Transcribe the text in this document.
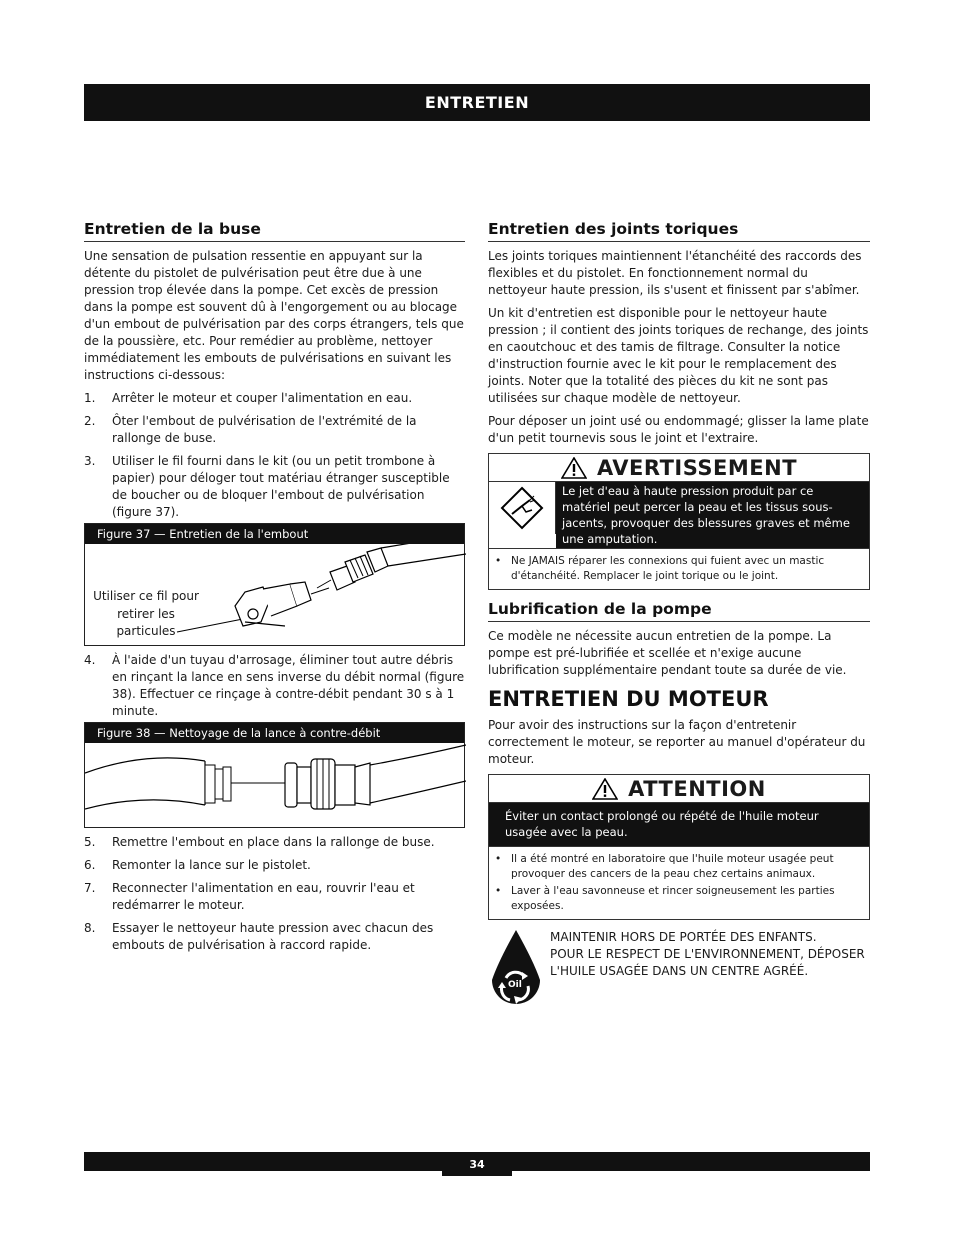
ENTRETIEN
Entretien de la buse

Une sensation de pulsation ressentie en appuyant sur la détente du pistolet de pulvérisation peut être due à une pression trop élevée dans la pompe. Cet excès de pression dans la pompe est souvent dû à l'engorgement ou au blocage d'un embout de pulvérisation par des corps étrangers, tels que de la poussière, etc. Pour remédier au problème, nettoyer immédiatement les embouts de pulvérisations en suivant les instructions ci-dessous:

1.	Arrêter le moteur et couper l'alimentation en eau.
2.	Ôter l'embout de pulvérisation de l'extrémité de la rallonge de buse.
3.	Utiliser le fil fourni dans le kit (ou un petit trombone à papier) pour déloger tout matériau étranger susceptible de boucher ou de bloquer l'embout de pulvérisation (figure 37).
Figure 37 — Entretien de la l'embout
Utiliser ce fil pour retirer les particules
4.	À l'aide d'un tuyau d'arrosage, éliminer tout autre débris en rinçant la lance en sens inverse du débit normal (figure 38). Effectuer ce rinçage à contre-débit pendant 30 s à 1 minute.
Figure 38 — Nettoyage de la lance à contre-débit
5.	Remettre l'embout en place dans la rallonge de buse.
6.	Remonter la lance sur le pistolet.
7.	Reconnecter l'alimentation en eau, rouvrir l'eau et redémarrer le moteur.
8.	Essayer le nettoyeur haute pression avec chacun des embouts de pulvérisation à raccord rapide.
Entretien des joints toriques

Les joints toriques maintiennent l'étanchéité des raccords des flexibles et du pistolet. En fonctionnement normal du nettoyeur haute pression, ils s'usent et finissent par s'abîmer.

Un kit d'entretien est disponible pour le nettoyeur haute pression ; il contient des joints toriques de rechange, des joints en caoutchouc et des tamis de filtrage. Consulter la notice d'instruction fournie avec le kit pour le remplacement des joints. Noter que la totalité des pièces du kit ne sont pas utilisées sur chaque modèle de nettoyeur.

Pour déposer un joint usé ou endommagé; glisser la lame plate d'un petit tournevis sous le joint et l'extraire.

AVERTISSEMENT
Le jet d'eau à haute pression produit par ce matériel peut percer la peau et les tissus sous-jacents, provoquer des blessures graves et même une amputation.
• Ne JAMAIS réparer les connexions qui fuient avec un mastic d'étanchéité. Remplacer le joint torique ou le joint.
Lubrification de la pompe

Ce modèle ne nécessite aucun entretien de la pompe. La pompe est pré-lubrifiée et scellée et n'exige aucune lubrification supplémentaire pendant toute sa durée de vie.

ENTRETIEN DU MOTEUR

Pour avoir des instructions sur la façon d'entretenir correctement le moteur, se reporter au manuel d'opérateur du moteur.

ATTENTION
Éviter un contact prolongé ou répété de l'huile moteur usagée avec la peau.
• Il a été montré en laboratoire que l'huile moteur usagée peut provoquer des cancers de la peau chez certains animaux.
• Laver à l'eau savonneuse et rincer soigneusement les parties exposées.
Oil
MAINTENIR HORS DE PORTÉE DES ENFANTS.
POUR LE RESPECT DE L'ENVIRONNEMENT, DÉPOSER L'HUILE USAGÉE DANS UN CENTRE AGRÉÉ.
34
